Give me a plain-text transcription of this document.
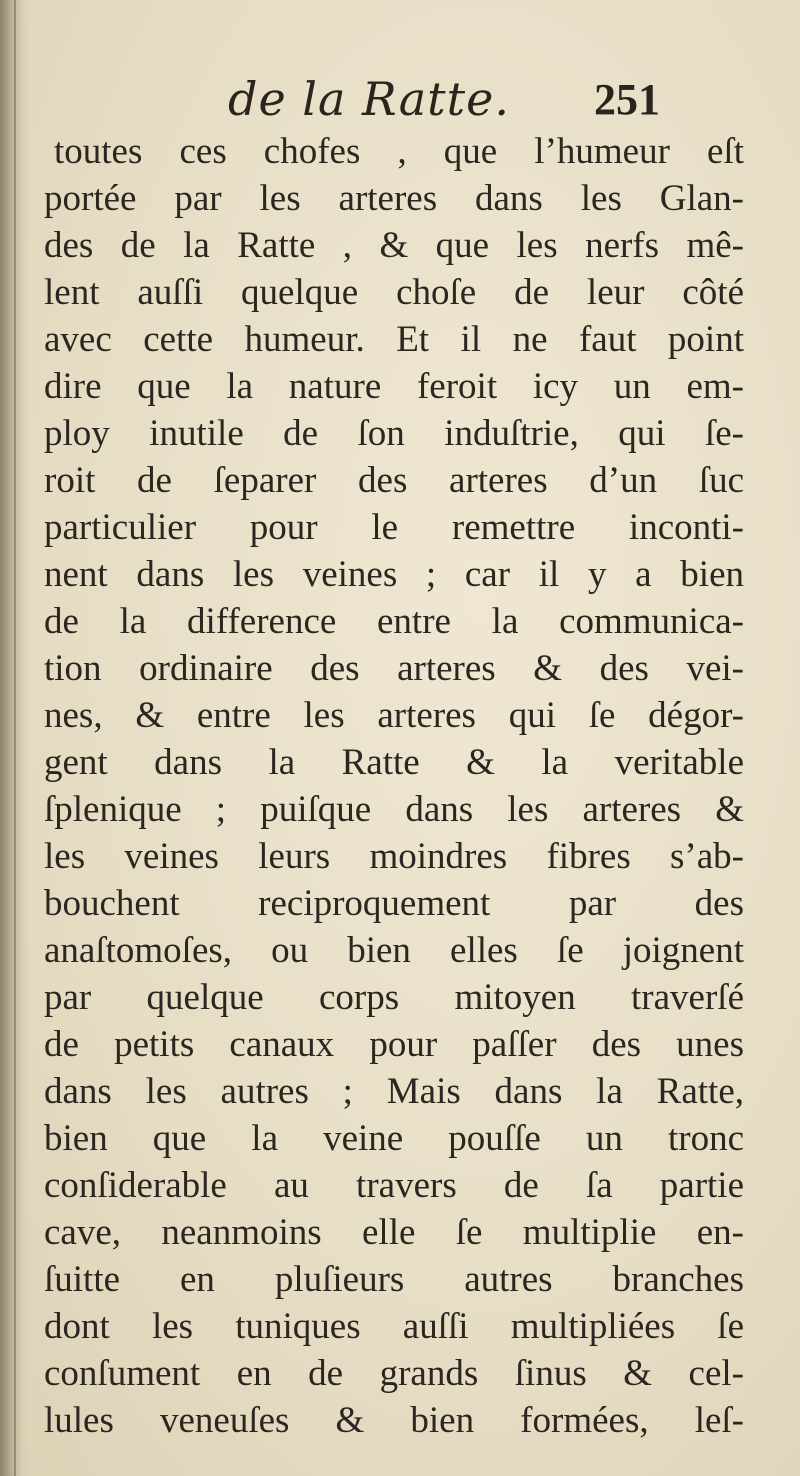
de la Ratte. 251
toutes ces chofes , que l’humeur eſt
portée par les arteres dans les Glan-
des de la Ratte , & que les nerfs mê-
lent auſſi quelque choſe de leur côté
avec cette humeur. Et il ne faut point
dire que la nature feroit icy un em-
ploy inutile de ſon induſtrie, qui ſe-
roit de ſeparer des arteres d’un ſuc
particulier pour le remettre inconti-
nent dans les veines ; car il y a bien
de la difference entre la communica-
tion ordinaire des arteres & des vei-
nes, & entre les arteres qui ſe dégor-
gent dans la Ratte & la veritable
ſplenique ; puiſque dans les arteres &
les veines leurs moindres fibres s’ab-
bouchent reciproquement par des
anaſtomoſes, ou bien elles ſe joignent
par quelque corps mitoyen traverſé
de petits canaux pour paſſer des unes
dans les autres ; Mais dans la Ratte,
bien que la veine pouſſe un tronc
conſiderable au travers de ſa partie
cave, neanmoins elle ſe multiplie en-
ſuitte en pluſieurs autres branches
dont les tuniques auſſi multipliées ſe
conſument en de grands ſinus & cel-
lules veneuſes & bien formées, leſ-
